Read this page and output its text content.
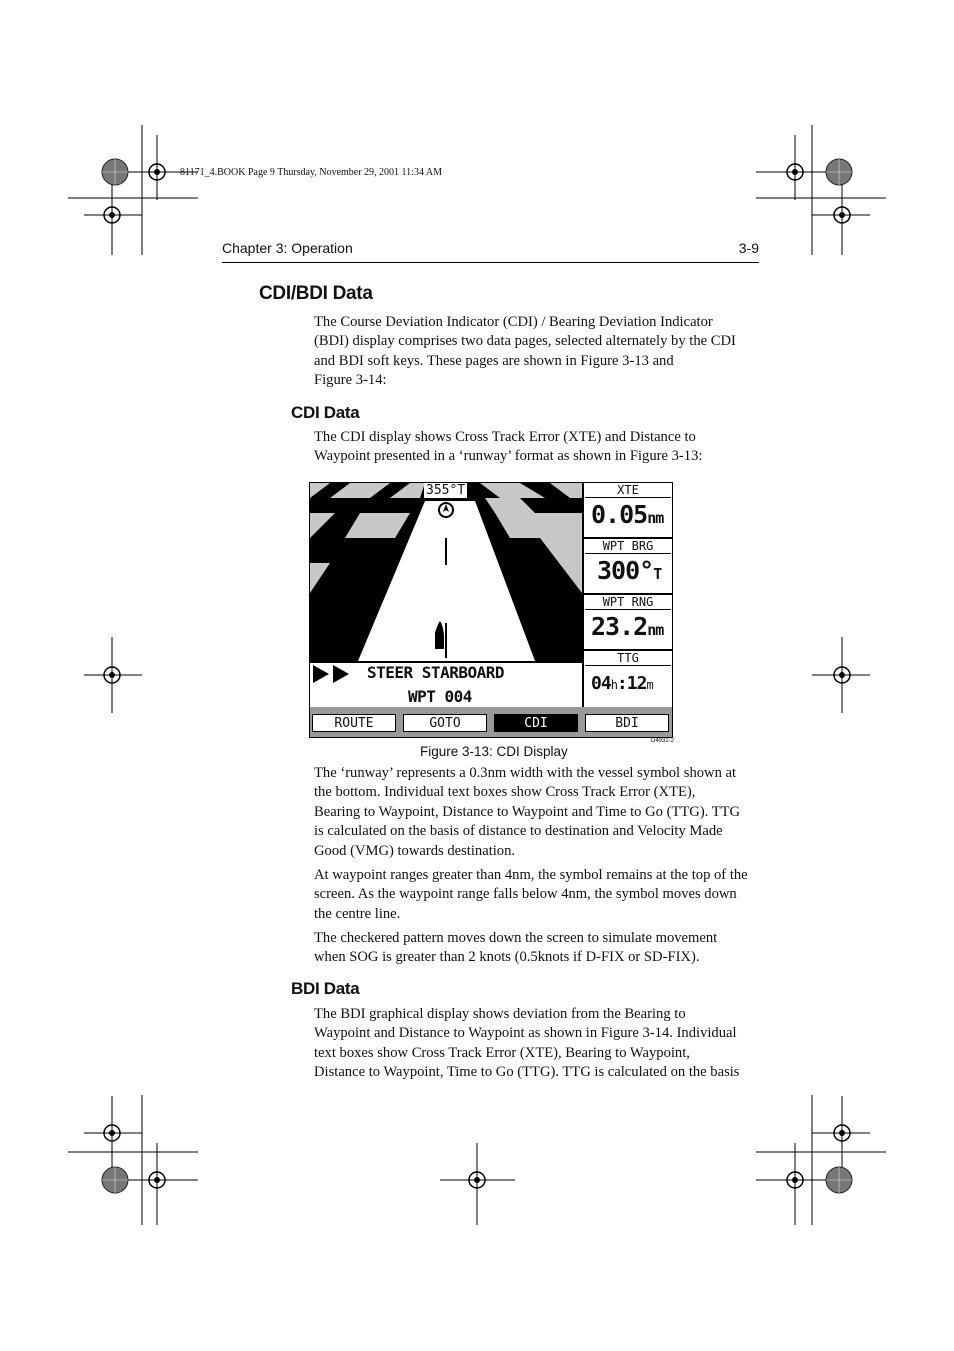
81171_4.BOOK Page 9 Thursday, November 29, 2001 11:34 AM
Chapter 3: Operation	3-9
CDI/BDI Data

The Course Deviation Indicator (CDI) / Bearing Deviation Indicator

(BDI) display comprises two data pages, selected alternately by the CDI

and BDI soft keys. These pages are shown in Figure 3-13 and

Figure 3-14:

CDI Data

The CDI display shows Cross Track Error (XTE) and Distance to

Waypoint presented in a ‘runway’ format as shown in Figure 3-13:

355°T
STEER STARBOARD
WPT 004
XTE
0.05nm
WPT BRG
300°T
WPT RNG
23.2nm
TTG
04h:12m
ROUTE	GOTO	CDI	BDI
D4932-2
Figure 3-13: CDI Display

The ‘runway’ represents a 0.3nm width with the vessel symbol shown at

the bottom. Individual text boxes show Cross Track Error (XTE),

Bearing to Waypoint, Distance to Waypoint and Time to Go (TTG). TTG

is calculated on the basis of distance to destination and Velocity Made

Good (VMG) towards destination.

At waypoint ranges greater than 4nm, the symbol remains at the top of the

screen. As the waypoint range falls below 4nm, the symbol moves down

the centre line.

The checkered pattern moves down the screen to simulate movement

when SOG is greater than 2 knots (0.5knots if D-FIX or SD-FIX).

BDI Data

The BDI graphical display shows deviation from the Bearing to

Waypoint and Distance to Waypoint as shown in Figure 3-14. Individual

text boxes show Cross Track Error (XTE), Bearing to Waypoint,

Distance to Waypoint, Time to Go (TTG). TTG is calculated on the basis
